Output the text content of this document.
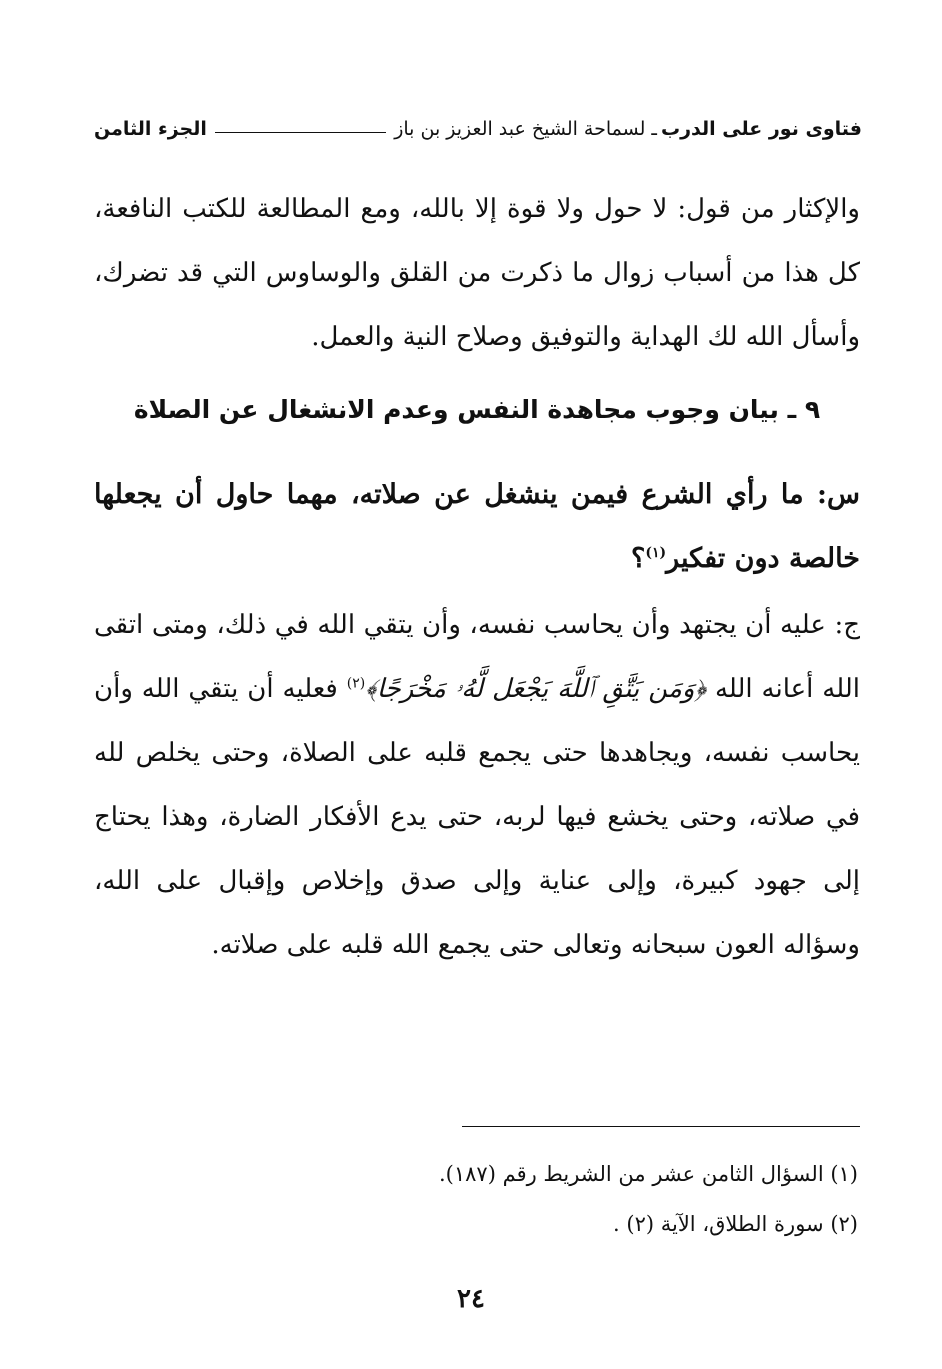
فتاوى نور على الدرب
ـ لسماحة الشيخ عبد العزيز بن باز
الجزء الثامن

والإكثار من قول: لا حول ولا قوة إلا بالله، ومع المطالعة للكتب النافعة، كل هذا من أسباب زوال ما ذكرت من القلق والوساوس التي قد تضرك، وأسأل الله لك الهداية والتوفيق وصلاح النية والعمل.

٩ ـ بيان وجوب مجاهدة النفس وعدم الانشغال عن الصلاة

س: ما رأي الشرع فيمن ينشغل عن صلاته، مهما حاول أن يجعلها خالصة دون تفكير$^{(١)}$؟

ج: عليه أن يجتهد وأن يحاسب نفسه، وأن يتقي الله في ذلك، ومتى اتقى الله أعانه الله ﴿وَمَن يَتَّقِ ٱللَّهَ يَجْعَل لَّهُۥ مَخْرَجًا﴾$^{(٢)}$ فعليه أن يتقي الله وأن يحاسب نفسه، ويجاهدها حتى يجمع قلبه على الصلاة، وحتى يخلص لله في صلاته، وحتى يخشع فيها لربه، حتى يدع الأفكار الضارة، وهذا يحتاج إلى جهود كبيرة، وإلى عناية وإلى صدق وإخلاص وإقبال على الله، وسؤاله العون سبحانه وتعالى حتى يجمع الله قلبه على صلاته.

(١) السؤال الثامن عشر من الشريط رقم (١٨٧).
(٢) سورة الطلاق، الآية (٢) .
٢٤
